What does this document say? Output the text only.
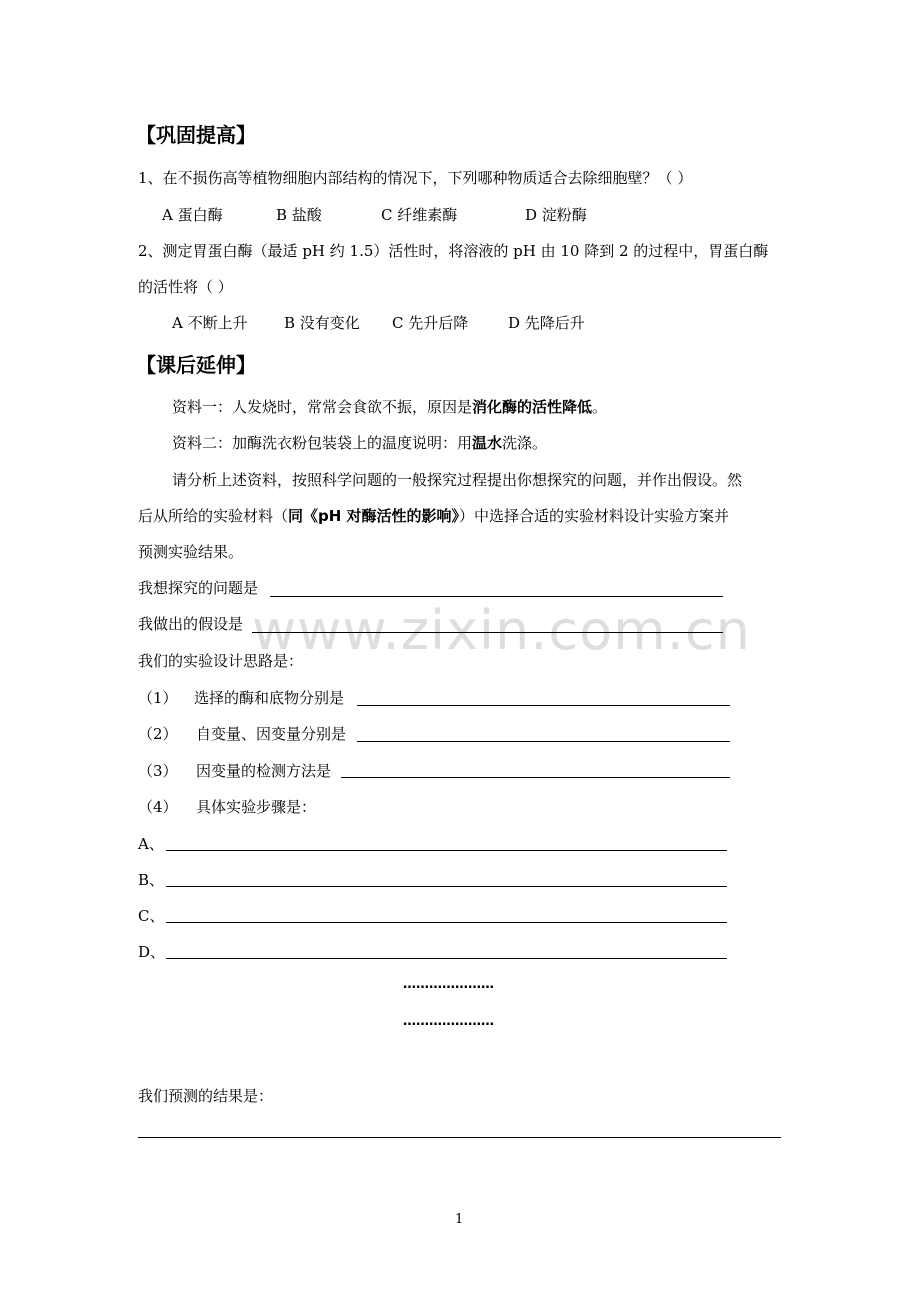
【巩固提高】
1、在不损伤高等植物细胞内部结构的情况下，下列哪种物质适合去除细胞壁？（ ）
A 蛋白酶	B 盐酸	C 纤维素酶	D 淀粉酶
2、测定胃蛋白酶（最适 pH 约 1.5）活性时，将溶液的 pH 由 10 降到 2 的过程中，胃蛋白酶
的活性将（ ）
A 不断上升 B 没有变化 C 先升后降	D 先降后升
【课后延伸】
资料一：人发烧时，常常会食欲不振，原因是消化酶的活性降低。
资料二：加酶洗衣粉包装袋上的温度说明：用温水洗涤。
请分析上述资料，按照科学问题的一般探究过程提出你想探究的问题，并作出假设。然
后从所给的实验材料（同《pH 对酶活性的影响》）中选择合适的实验材料设计实验方案并
预测实验结果。
www.zixin.com.cn
我想探究的问题是
我做出的假设是
我们的实验设计思路是：
（1） 选择的酶和底物分别是
（2） 自变量、因变量分别是
（3） 因变量的检测方法是
（4） 具体实验步骤是：
A、
B、
C、
D、
…………………
…………………
我们预测的结果是：
1
